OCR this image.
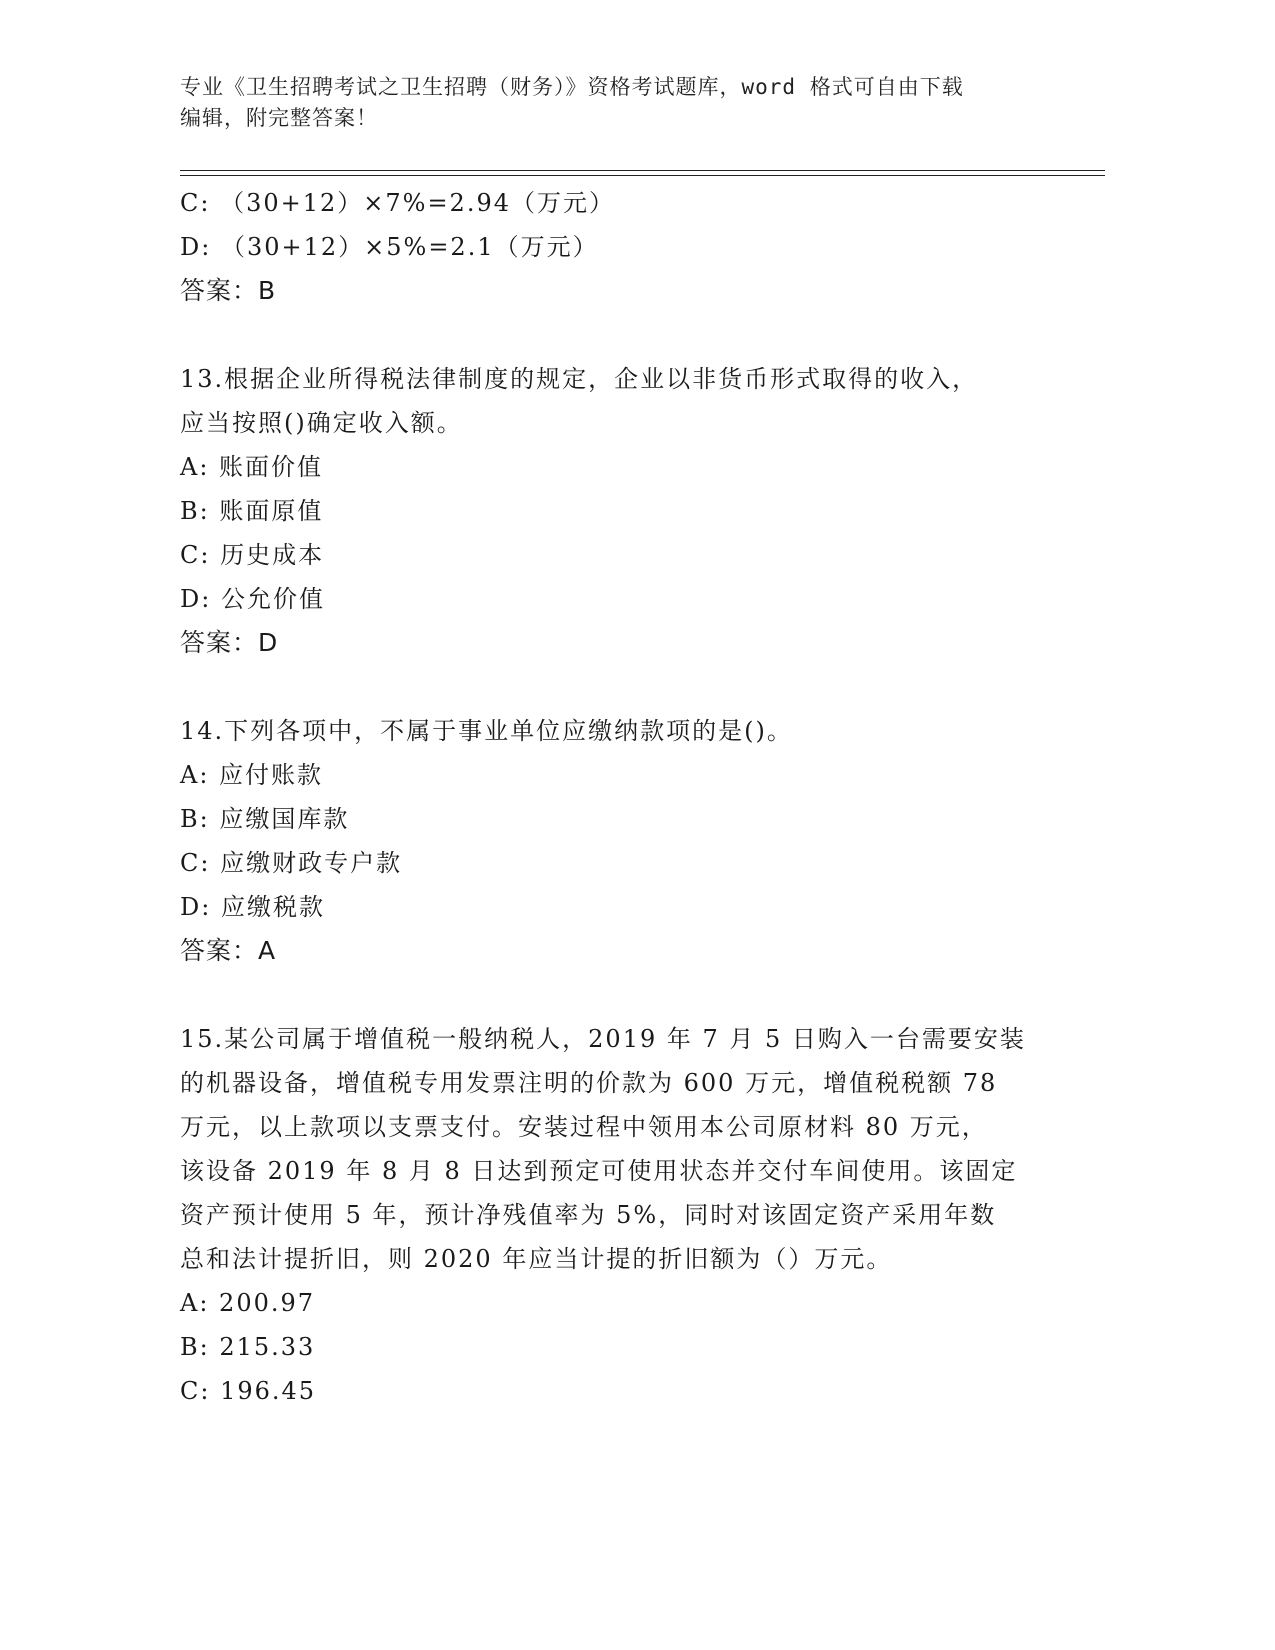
专业《卫生招聘考试之卫生招聘（财务）》资格考试题库，word 格式可自由下载
编辑，附完整答案！
C: （30+12）×7%=2.94（万元）
D: （30+12）×5%=2.1（万元）
答案：B
13.根据企业所得税法律制度的规定，企业以非货币形式取得的收入，
应当按照()确定收入额。
A: 账面价值
B: 账面原值
C: 历史成本
D: 公允价值
答案：D
14.下列各项中，不属于事业单位应缴纳款项的是()。
A: 应付账款
B: 应缴国库款
C: 应缴财政专户款
D: 应缴税款
答案：A
15.某公司属于增值税一般纳税人，2019 年 7 月 5 日购入一台需要安装
的机器设备，增值税专用发票注明的价款为 600 万元，增值税税额 78
万元，以上款项以支票支付。安装过程中领用本公司原材料 80 万元，
该设备 2019 年 8 月 8 日达到预定可使用状态并交付车间使用。该固定
资产预计使用 5 年，预计净残值率为 5%，同时对该固定资产采用年数
总和法计提折旧，则 2020 年应当计提的折旧额为（）万元。
A: 200.97
B: 215.33
C: 196.45
